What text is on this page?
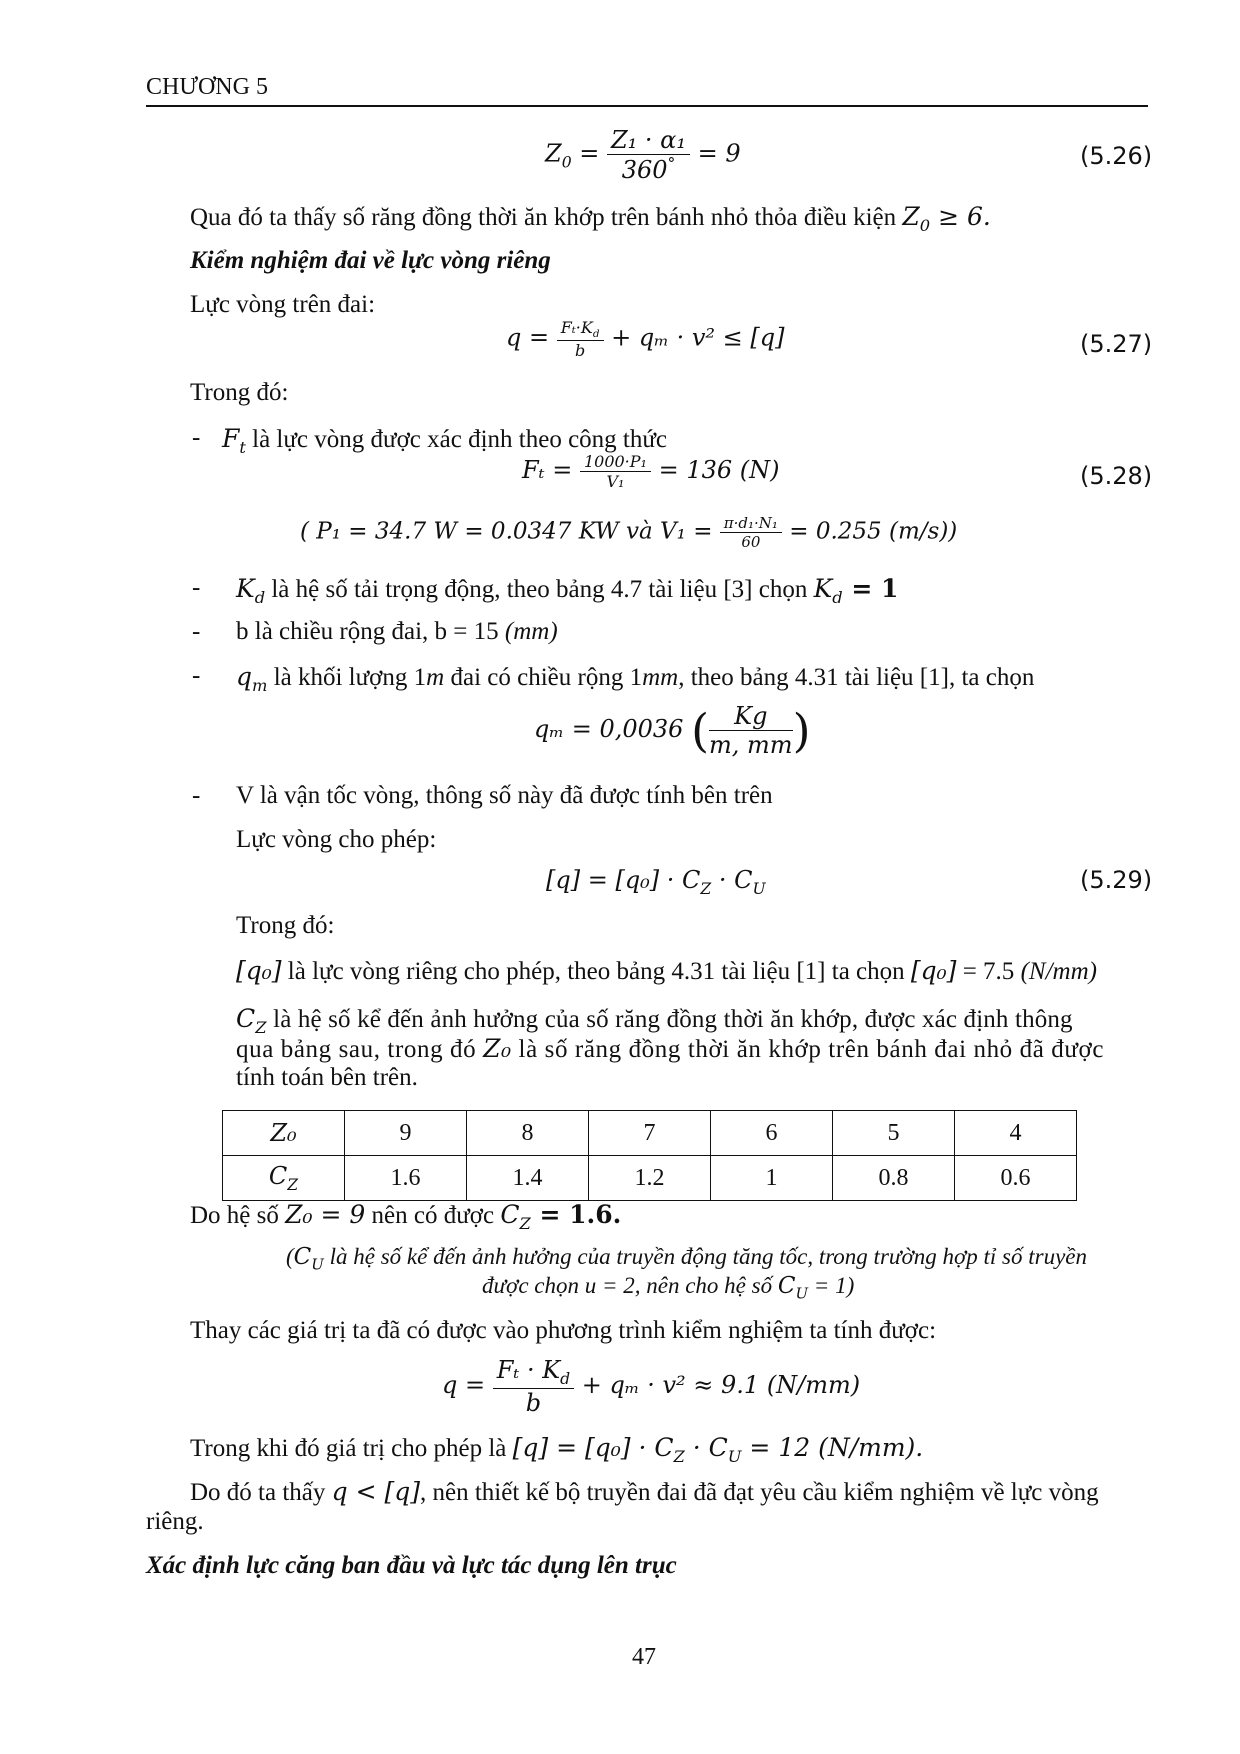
CHƯƠNG 5
$Z_0 = \frac{\text{Z₁ · α₁}}{360^\circ} = 9$	(5.26)
Qua đó ta thấy số răng đồng thời ăn khớp trên bánh nhỏ thỏa điều kiện $Z_0 \ge 6$.
Kiểm nghiệm đai về lực vòng riêng
Lực vòng trên đai:
$q = \frac{F_t\cdot K_d}{b} + q_m \cdot v^2 \le [q]$	(5.27)
Trong đó:
- $F_t$ là lực vòng được xác định theo công thức
$F_t = \frac{\text{1000·P₁}}{\text{V₁}} = 136$ (N)	(5.28)
( P₁ = 34.7 W = 0.0347 KW và $V_1 = \frac{\text{π·d₁·N₁}}{60} = 0.255$ (m/s))
- $K_d$ là hệ số tải trọng động, theo bảng 4.7 tài liệu [3] chọn $K_d = 1$
- b là chiều rộng đai, b = 15 (mm)
- $q_m$ là khối lượng 1m đai có chiều rộng 1mm, theo bảng 4.31 tài liệu [1], ta chọn
qₘ = 0,0036 ( $\frac{Kg}{m, mm}$ )
- V là vận tốc vòng, thông số này đã được tính bên trên
Lực vòng cho phép:
$[q] = [q_0] \cdot C_Z \cdot C_U$	(5.29)
Trong đó:
[q₀] là lực vòng riêng cho phép, theo bảng 4.31 tài liệu [1] ta chọn [q₀] = 7.5 (N/mm)
$C_Z$ là hệ số kể đến ảnh hưởng của số răng đồng thời ăn khớp, được xác định thông
qua bảng sau, trong đó Z₀ là số răng đồng thời ăn khớp trên bánh đai nhỏ đã được
tính toán bên trên.
Z₀	9	8	7	6	5	4
$C_Z$	1.6	1.4	1.2	1	0.8	0.6
Do hệ số Z₀ = 9 nên có được $C_Z = 1.6$.
($C_U$ là hệ số kể đến ảnh hưởng của truyền động tăng tốc, trong trường hợp tỉ số truyền
được chọn u = 2, nên cho hệ số $C_U = 1$)
Thay các giá trị ta đã có được vào phương trình kiểm nghiệm ta tính được:
$q = \frac{F_t \cdot K_d}{b} + q_m \cdot v^2 \approx 9.1$ (N/mm)
Trong khi đó giá trị cho phép là $[q] = [q_0] \cdot C_Z \cdot C_U = 12$ (N/mm).
Do đó ta thấy q < [q], nên thiết kế bộ truyền đai đã đạt yêu cầu kiểm nghiệm về lực vòng
riêng.
Xác định lực căng ban đầu và lực tác dụng lên trục
47
